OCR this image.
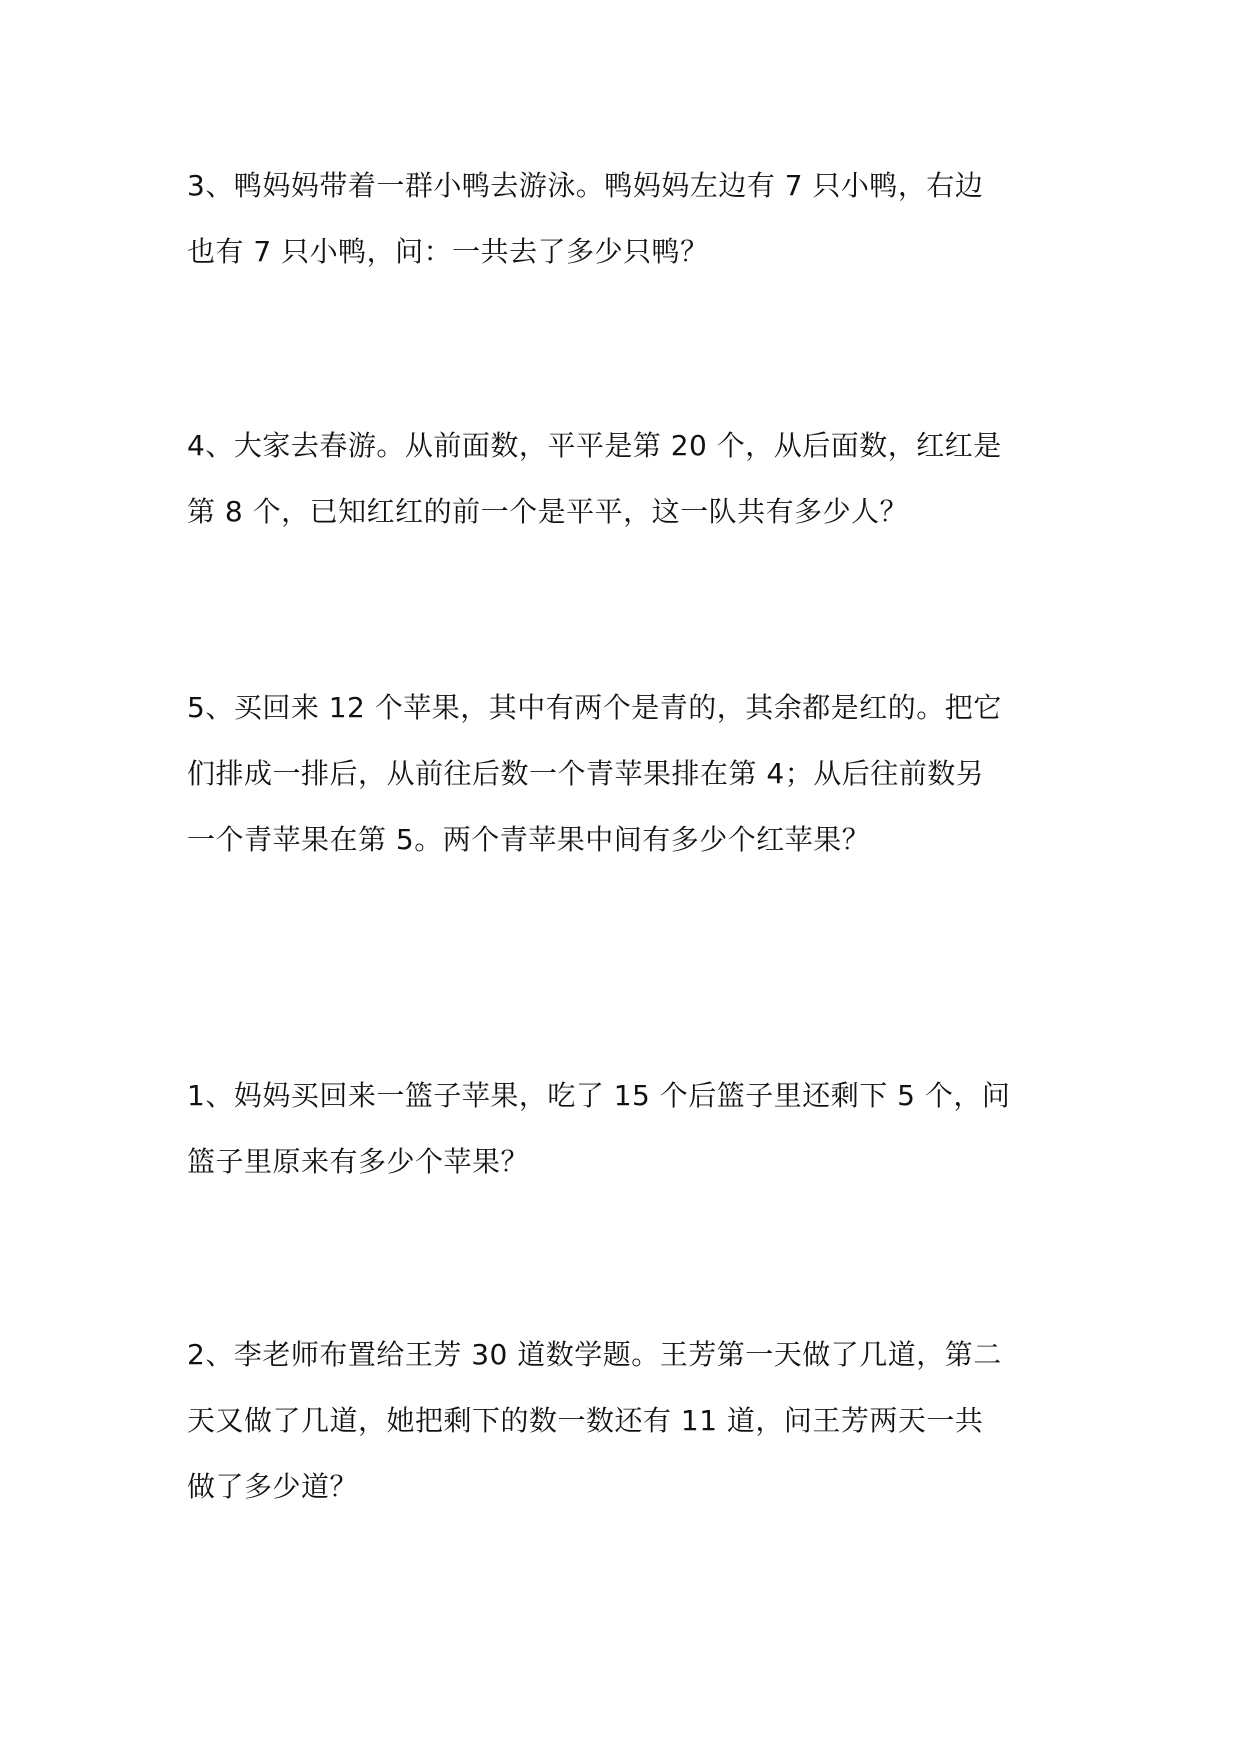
3、鸭妈妈带着一群小鸭去游泳。鸭妈妈左边有 7 只小鸭，右边
也有 7 只小鸭，问：一共去了多少只鸭？
4、大家去春游。从前面数，平平是第 20 个，从后面数，红红是
第 8 个，已知红红的前一个是平平，这一队共有多少人？
5、买回来 12 个苹果，其中有两个是青的，其余都是红的。把它
们排成一排后，从前往后数一个青苹果排在第 4；从后往前数另
一个青苹果在第 5。两个青苹果中间有多少个红苹果？
1、妈妈买回来一篮子苹果，吃了 15 个后篮子里还剩下 5 个，问
篮子里原来有多少个苹果？
2、李老师布置给王芳 30 道数学题。王芳第一天做了几道，第二
天又做了几道，她把剩下的数一数还有 11 道，问王芳两天一共
做了多少道？
